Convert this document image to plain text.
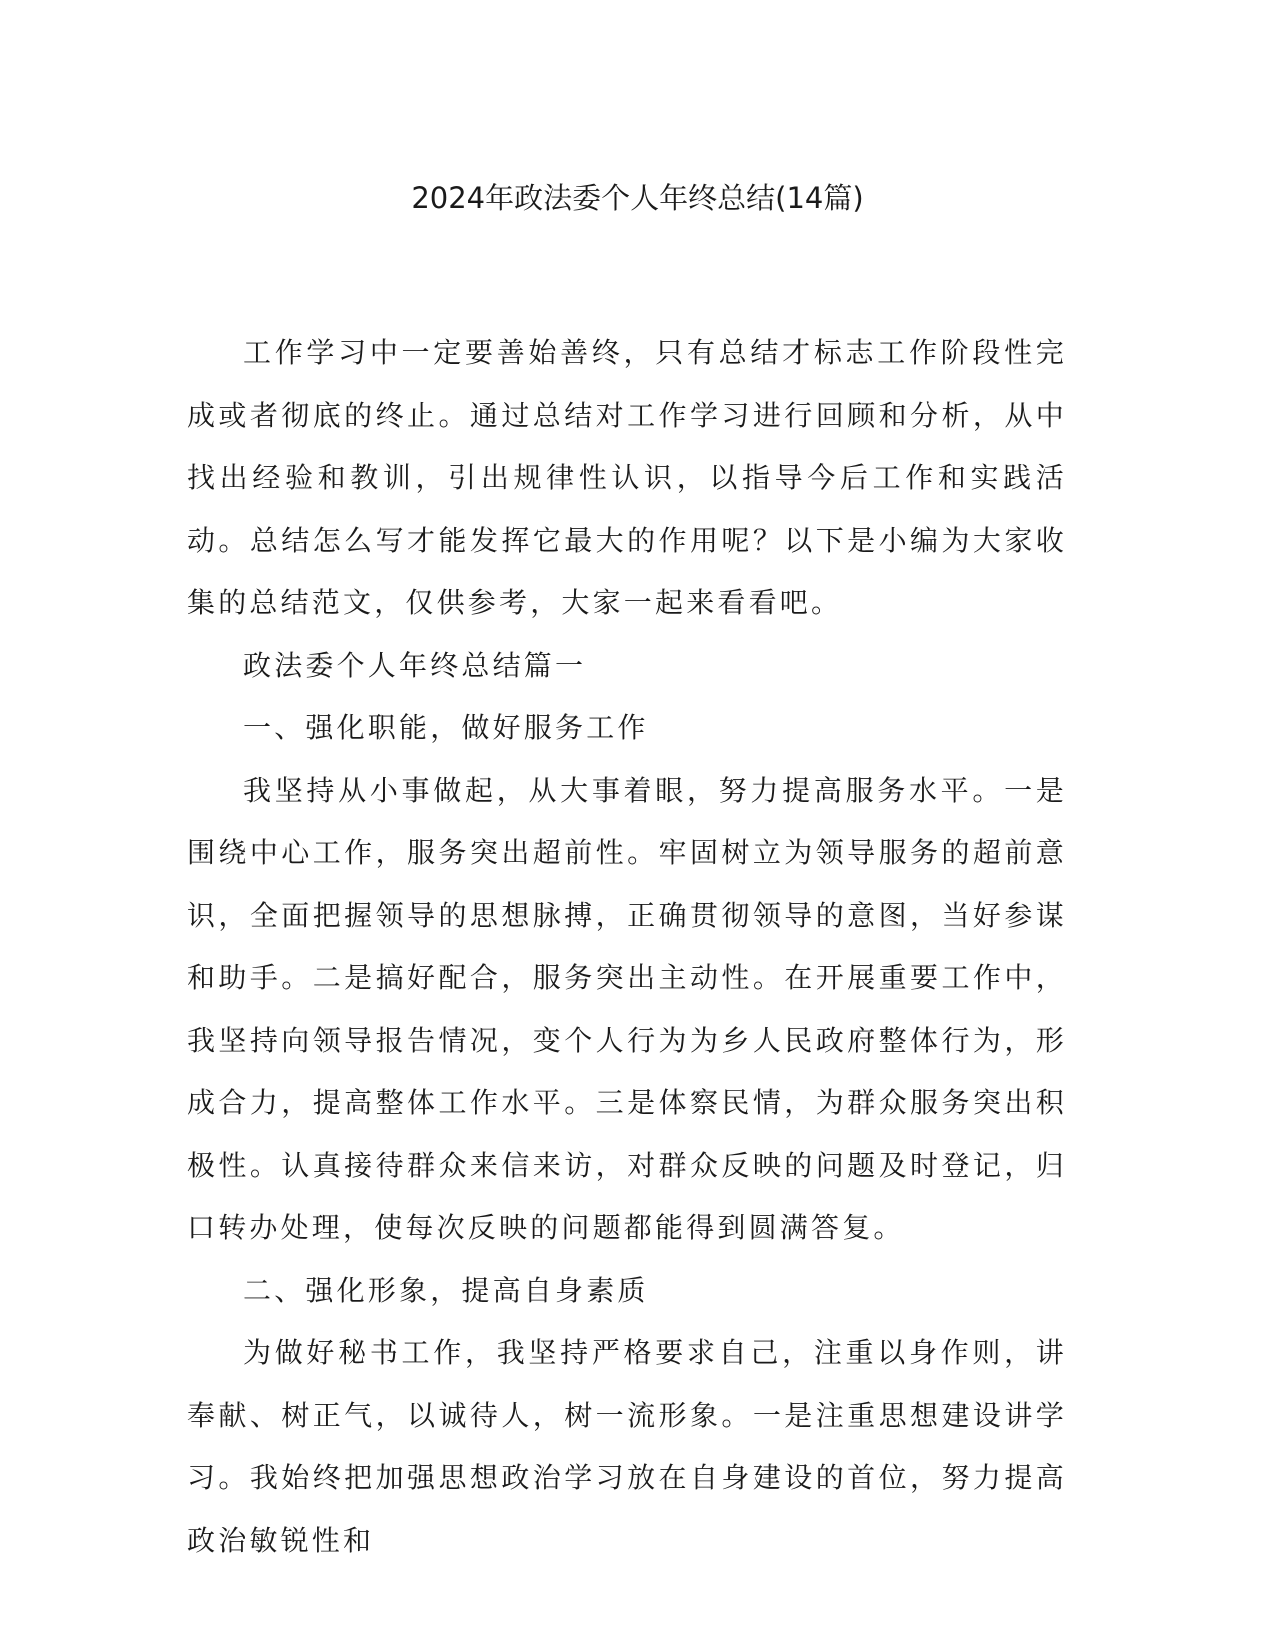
2024年政法委个人年终总结(14篇)

工作学习中一定要善始善终，只有总结才标志工作阶段性完成或者彻底的终止。通过总结对工作学习进行回顾和分析，从中找出经验和教训，引出规律性认识，以指导今后工作和实践活动。总结怎么写才能发挥它最大的作用呢？以下是小编为大家收集的总结范文，仅供参考，大家一起来看看吧。

政法委个人年终总结篇一

一、强化职能，做好服务工作

我坚持从小事做起，从大事着眼，努力提高服务水平。一是围绕中心工作，服务突出超前性。牢固树立为领导服务的超前意识，全面把握领导的思想脉搏，正确贯彻领导的意图，当好参谋和助手。二是搞好配合，服务突出主动性。在开展重要工作中，我坚持向领导报告情况，变个人行为为乡人民政府整体行为，形成合力，提高整体工作水平。三是体察民情，为群众服务突出积极性。认真接待群众来信来访，对群众反映的问题及时登记，归口转办处理，使每次反映的问题都能得到圆满答复。

二、强化形象，提高自身素质

为做好秘书工作，我坚持严格要求自己，注重以身作则，讲奉献、树正气，以诚待人，树一流形象。一是注重思想建设讲学习。我始终把加强思想政治学习放在自身建设的首位，努力提高政治敏锐性和
